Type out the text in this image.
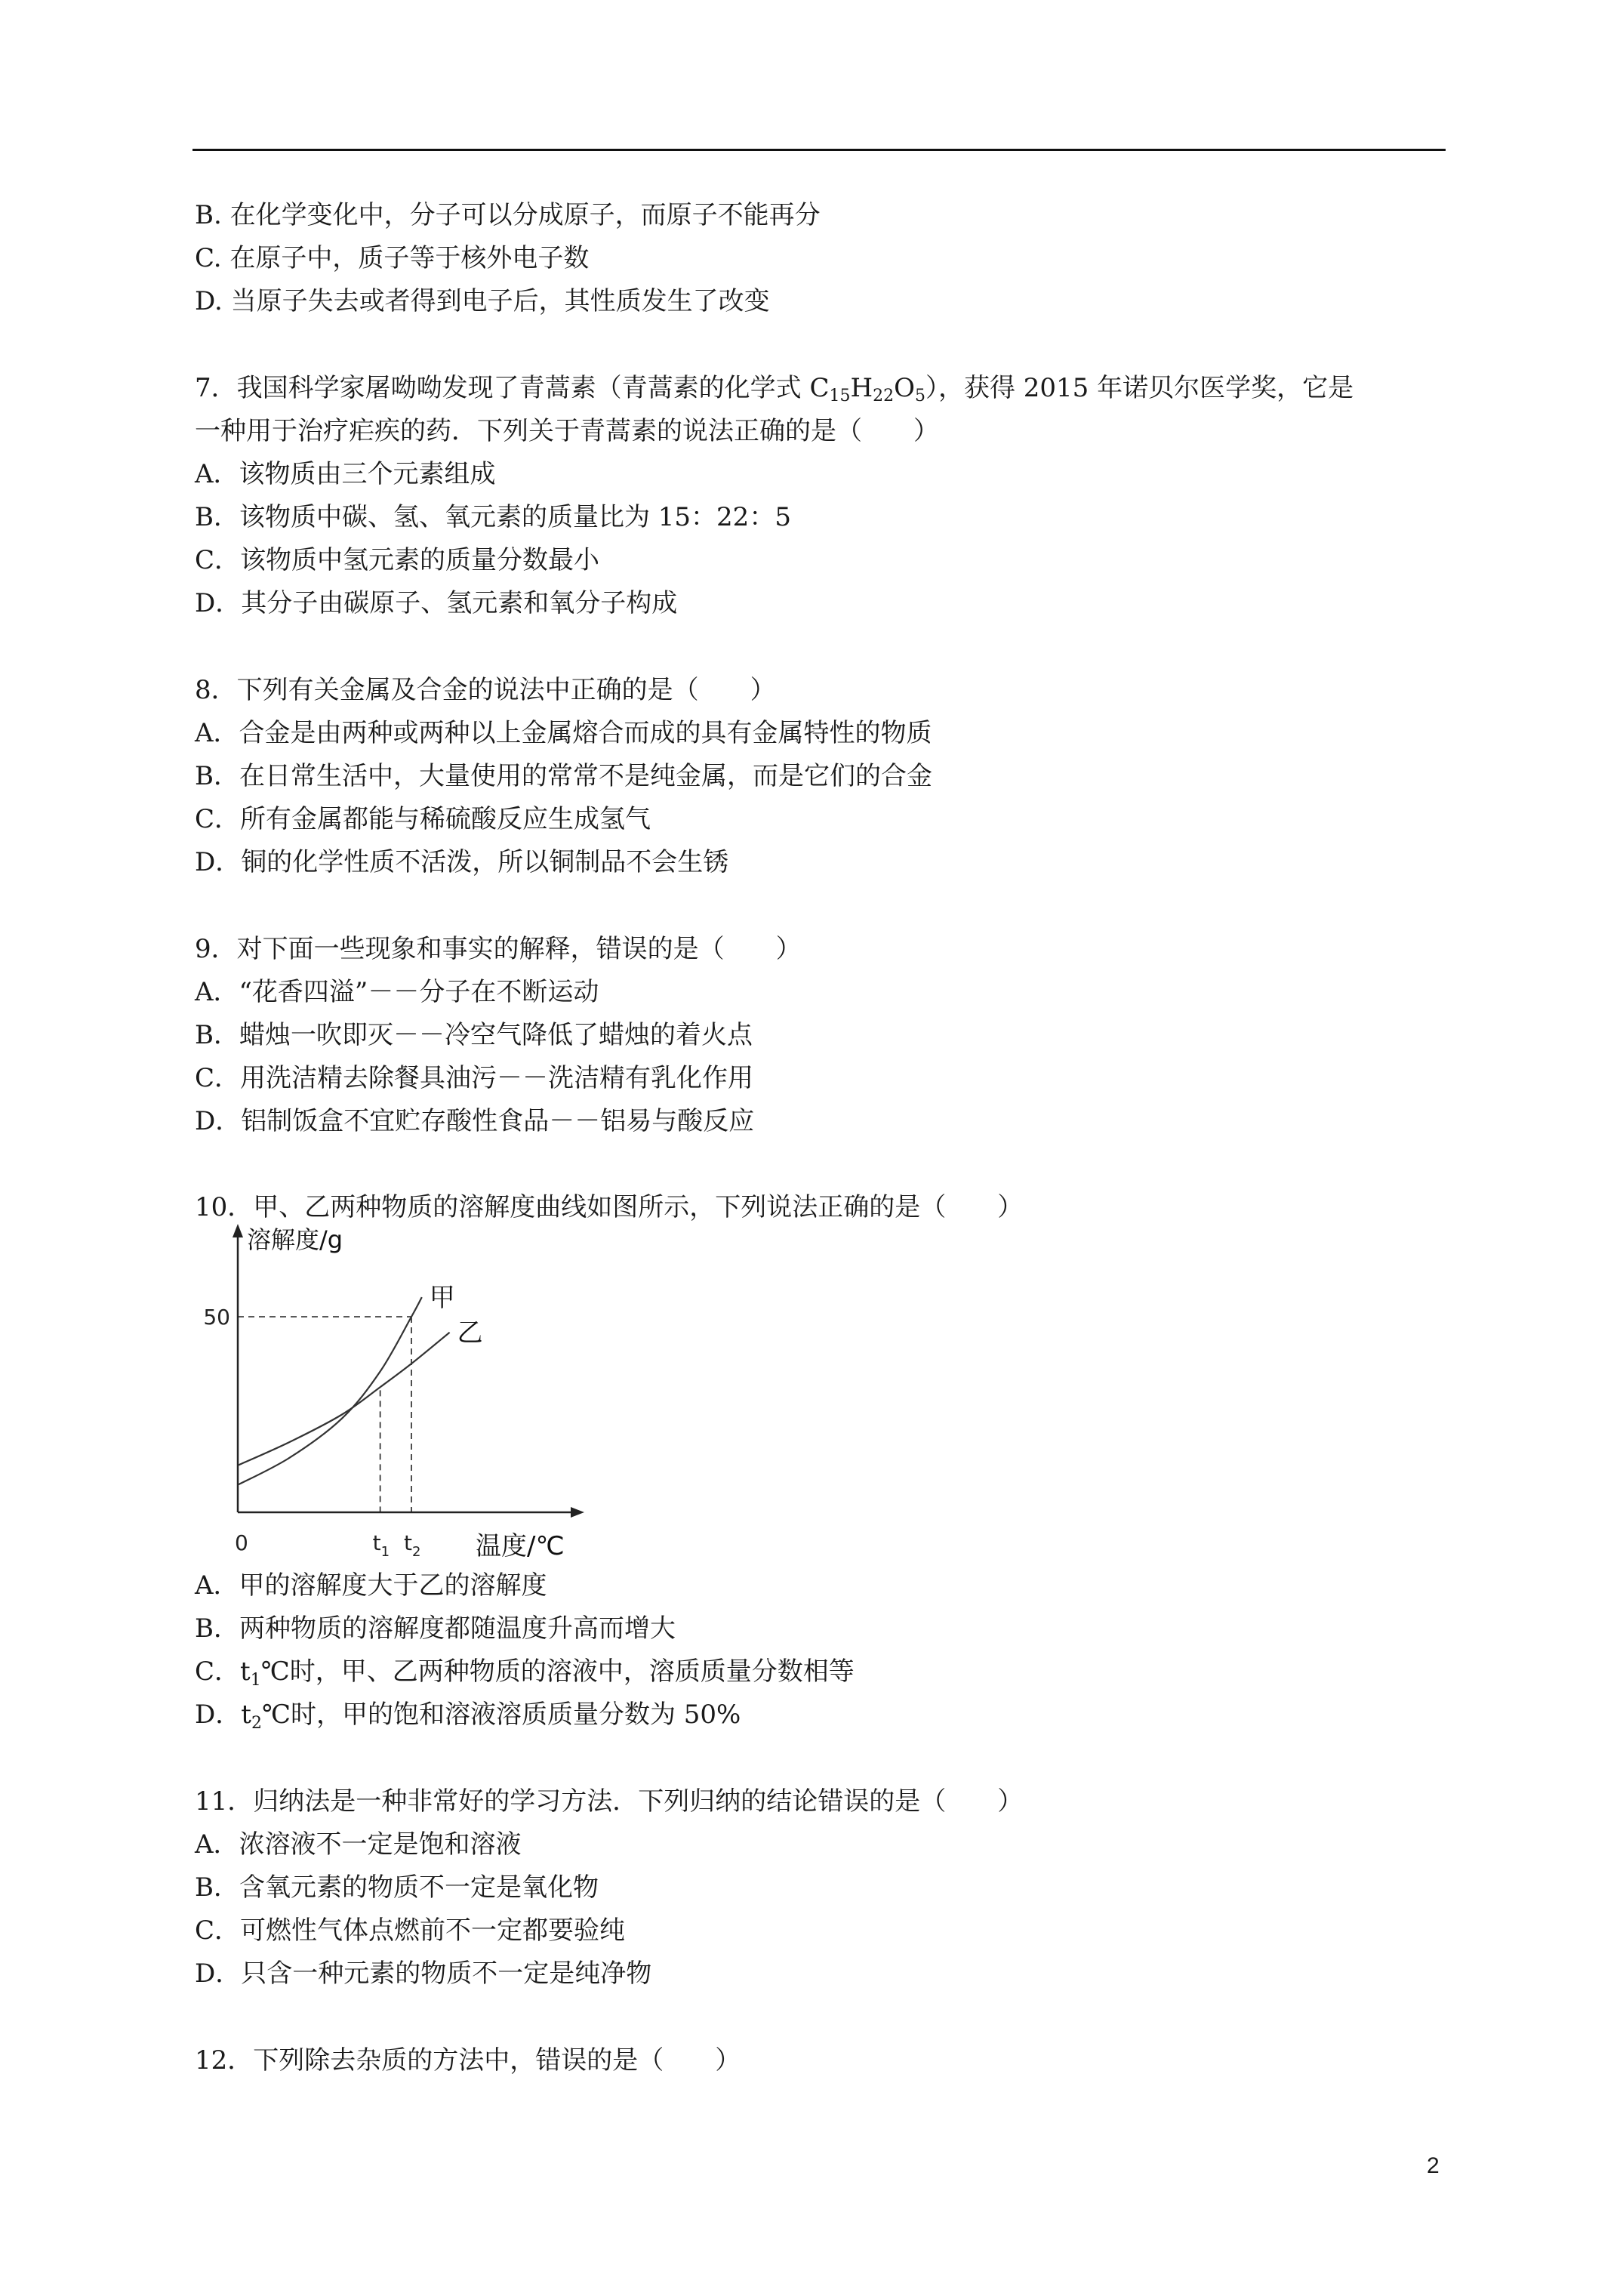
B. 在化学变化中，分子可以分成原子，而原子不能再分
C. 在原子中，质子等于核外电子数
D. 当原子失去或者得到电子后，其性质发生了改变
7．我国科学家屠呦呦发现了青蒿素（青蒿素的化学式 $C_{15}H_{22}O_5$），获得 2015 年诺贝尔医学奖，它是
一种用于治疗疟疾的药．下列关于青蒿素的说法正确的是（　　）
A．该物质由三个元素组成
B．该物质中碳、氢、氧元素的质量比为 15：22：5
C．该物质中氢元素的质量分数最小
D．其分子由碳原子、氢元素和氧分子构成
8．下列有关金属及合金的说法中正确的是（　　）
A．合金是由两种或两种以上金属熔合而成的具有金属特性的物质
B．在日常生活中，大量使用的常常不是纯金属，而是它们的合金
C．所有金属都能与稀硫酸反应生成氢气
D．铜的化学性质不活泼，所以铜制品不会生锈
9．对下面一些现象和事实的解释，错误的是（　　）
A．“花香四溢”－－分子在不断运动
B．蜡烛一吹即灭－－冷空气降低了蜡烛的着火点
C．用洗洁精去除餐具油污－－洗洁精有乳化作用
D．铝制饭盒不宜贮存酸性食品－－铝易与酸反应
10．甲、乙两种物质的溶解度曲线如图所示，下列说法正确的是（　　）
甲
乙
溶解度/g
50
0	t 1 t 2 温度/℃
A．甲的溶解度大于乙的溶解度
B．两种物质的溶解度都随温度升高而增大
C．$t_1℃$时，甲、乙两种物质的溶液中，溶质质量分数相等
D．$t_2℃$时，甲的饱和溶液溶质质量分数为 50%
11．归纳法是一种非常好的学习方法．下列归纳的结论错误的是（　　）
A．浓溶液不一定是饱和溶液
B．含氧元素的物质不一定是氧化物
C．可燃性气体点燃前不一定都要验纯
D．只含一种元素的物质不一定是纯净物
12．下列除去杂质的方法中，错误的是（　　）
2
